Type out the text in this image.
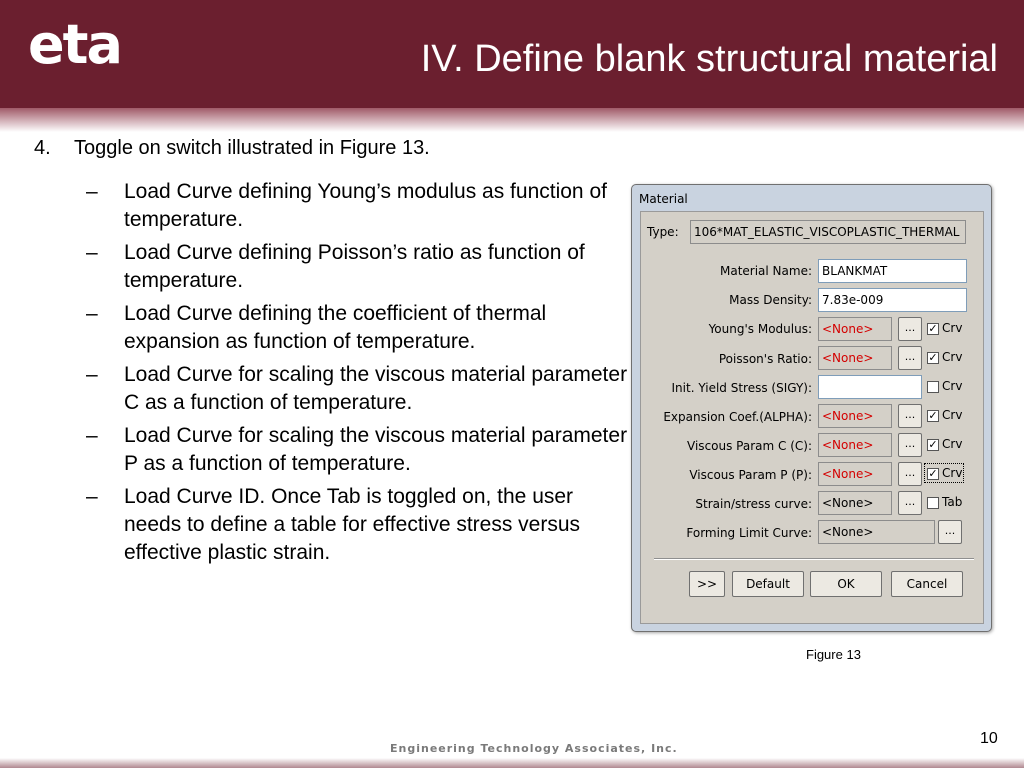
eta	IV. Define blank structural material
4. Toggle on switch illustrated in Figure 13.
– Load Curve defining Young’s modulus as function of temperature.
– Load Curve defining Poisson’s ratio as function of temperature.
– Load Curve defining the coefficient of thermal expansion as function of temperature.
– Load Curve for scaling the viscous material parameter C as a function of temperature.
– Load Curve for scaling the viscous material parameter P as a function of temperature.
– Load Curve ID. Once Tab is toggled on, the user needs to define a table for effective stress versus effective plastic strain.
Material
Type:	106*MAT_ELASTIC_VISCOPLASTIC_THERMAL
Material Name: BLANKMAT
Mass Density: 7.83e-009
Young's Modulus: <None>	...	✓ Crv
Poisson's Ratio: <None>	...	✓ Crv
Init. Yield Stress (SIGY):	Crv
Expansion Coef.(ALPHA): <None>	...	✓ Crv
Viscous Param C (C): <None>	...	✓ Crv
Viscous Param P (P): <None>	...	✓ Crv
Strain/stress curve: <None>	...	Tab
Forming Limit Curve: <None>	...
>>	Default	OK	Cancel
Figure 13
Engineering Technology Associates, Inc.
10
